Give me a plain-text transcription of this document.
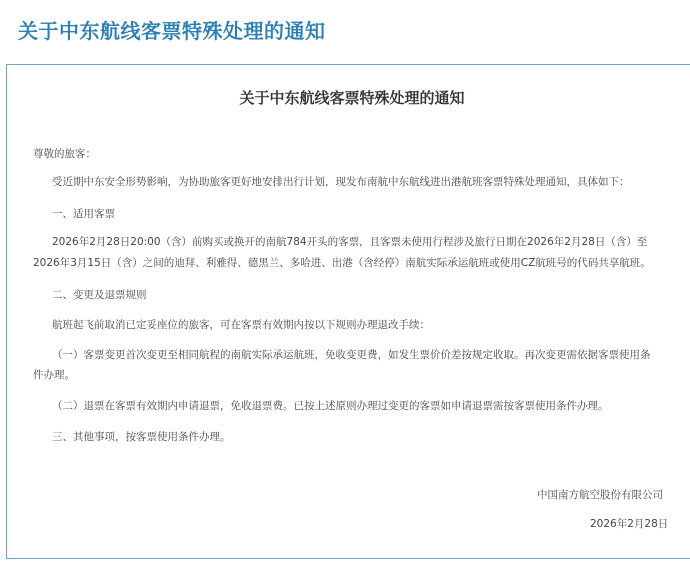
关于中东航线客票特殊处理的通知
关于中东航线客票特殊处理的通知

尊敬的旅客：

受近期中东安全形势影响，为协助旅客更好地安排出行计划，现发布南航中东航线进出港航班客票特殊处理通知，具体如下：

一、适用客票

2026年2月28日20:00（含）前购买或换开的南航784开头的客票，且客票未使用行程涉及旅行日期在2026年2月28日（含）至

2026年3月15日（含）之间的迪拜、利雅得、德黑兰、多哈进、出港（含经停）南航实际承运航班或使用CZ航班号的代码共享航班。

二、变更及退票规则

航班起飞前取消已定妥座位的旅客，可在客票有效期内按以下规则办理退改手续：

（一）客票变更首次变更至相同航程的南航实际承运航班，免收变更费，如发生票价价差按规定收取。再次变更需依据客票使用条

件办理。

（二）退票在客票有效期内申请退票，免收退票费。已按上述原则办理过变更的客票如申请退票需按客票使用条件办理。

三、其他事项，按客票使用条件办理。

中国南方航空股份有限公司

2026年2月28日
